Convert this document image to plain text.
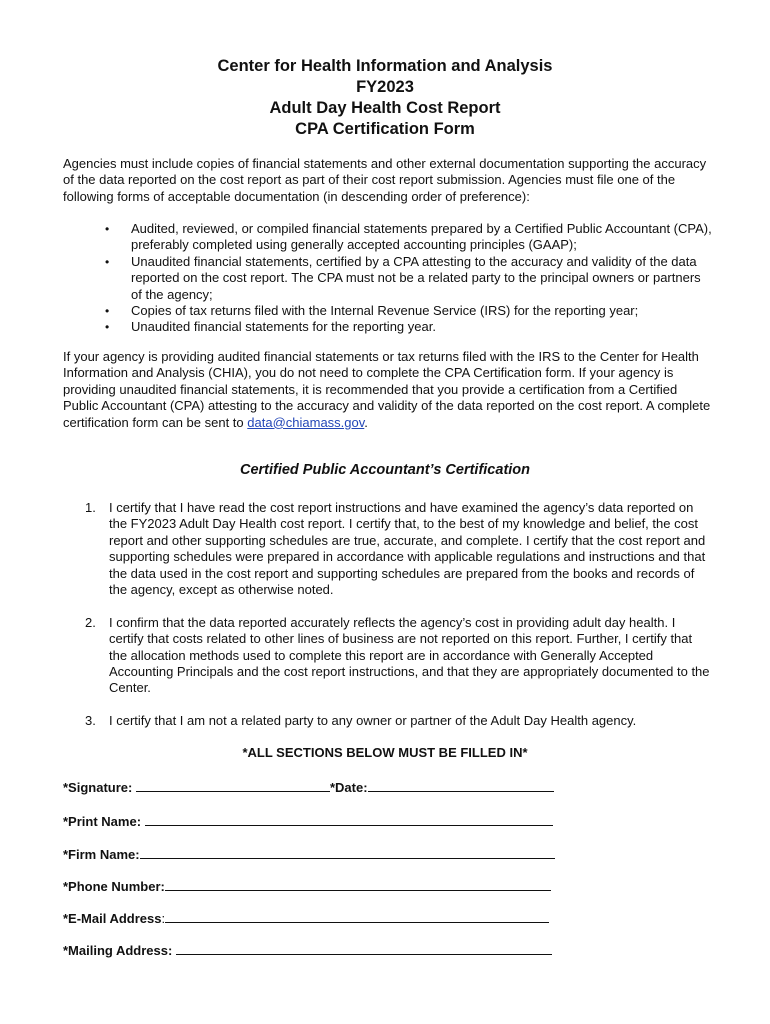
Center for Health Information and Analysis
FY2023
Adult Day Health Cost Report
CPA Certification Form

Agencies must include copies of financial statements and other external documentation supporting the accuracy of the data reported on the cost report as part of their cost report submission. Agencies must file one of the following forms of acceptable documentation (in descending order of preference):

• Audited, reviewed, or compiled financial statements prepared by a Certified Public Accountant (CPA), preferably completed using generally accepted accounting principles (GAAP);
• Unaudited financial statements, certified by a CPA attesting to the accuracy and validity of the data reported on the cost report. The CPA must not be a related party to the principal owners or partners of the agency;
• Copies of tax returns filed with the Internal Revenue Service (IRS) for the reporting year;
• Unaudited financial statements for the reporting year.

If your agency is providing audited financial statements or tax returns filed with the IRS to the Center for Health Information and Analysis (CHIA), you do not need to complete the CPA Certification form. If your agency is providing unaudited financial statements, it is recommended that you provide a certification from a Certified Public Accountant (CPA) attesting to the accuracy and validity of the data reported on the cost report. A complete certification form can be sent to data@chiamass.gov.

Certified Public Accountant’s Certification
1. I certify that I have read the cost report instructions and have examined the agency’s data reported on the FY2023 Adult Day Health cost report. I certify that, to the best of my knowledge and belief, the cost report and other supporting schedules are true, accurate, and complete. I certify that the cost report and supporting schedules were prepared in accordance with applicable regulations and instructions and that the data used in the cost report and supporting schedules are prepared from the books and records of the agency, except as otherwise noted.
2. I confirm that the data reported accurately reflects the agency’s cost in providing adult day health. I certify that costs related to other lines of business are not reported on this report. Further, I certify that the allocation methods used to complete this report are in accordance with Generally Accepted Accounting Principals and the cost report instructions, and that they are appropriately documented to the Center.
3. I certify that I am not a related party to any owner or partner of the Adult Day Health agency.
*ALL SECTIONS BELOW MUST BE FILLED IN*
*Signature:	*Date:
*Print Name:
*Firm Name:
*Phone Number:
*E-Mail Address:
*Mailing Address:
